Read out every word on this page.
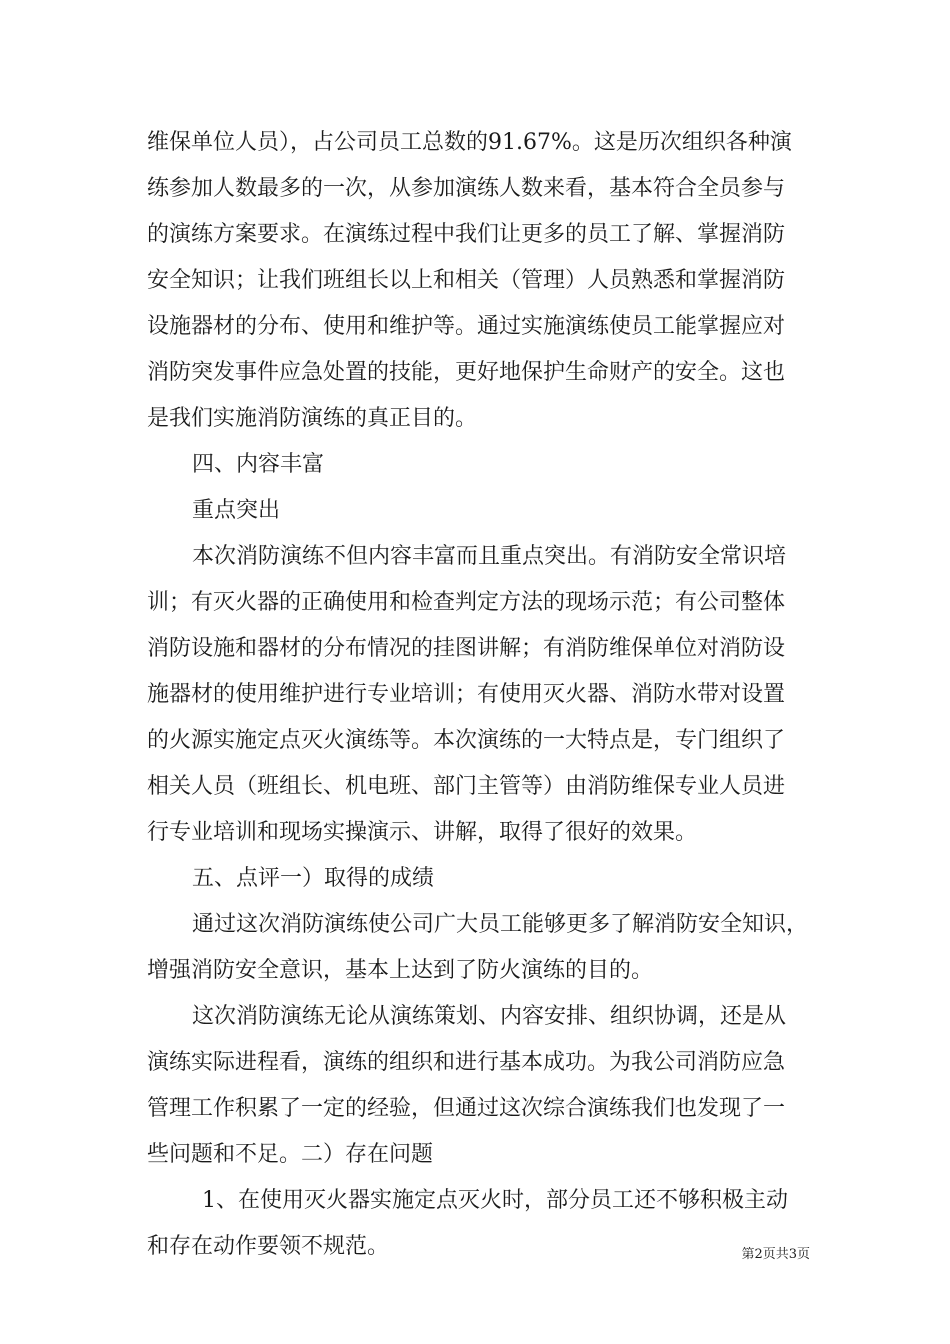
维保单位人员），占公司员工总数的91.67%。这是历次组织各种演
练参加人数最多的一次，从参加演练人数来看，基本符合全员参与
的演练方案要求。在演练过程中我们让更多的员工了解、掌握消防
安全知识；让我们班组长以上和相关（管理）人员熟悉和掌握消防
设施器材的分布、使用和维护等。通过实施演练使员工能掌握应对
消防突发事件应急处置的技能，更好地保护生命财产的安全。这也
是我们实施消防演练的真正目的。
四、内容丰富
重点突出
本次消防演练不但内容丰富而且重点突出。有消防安全常识培
训；有灭火器的正确使用和检查判定方法的现场示范；有公司整体
消防设施和器材的分布情况的挂图讲解；有消防维保单位对消防设
施器材的使用维护进行专业培训；有使用灭火器、消防水带对设置
的火源实施定点灭火演练等。本次演练的一大特点是，专门组织了
相关人员（班组长、机电班、部门主管等）由消防维保专业人员进
行专业培训和现场实操演示、讲解，取得了很好的效果。
五、点评一）取得的成绩
通过这次消防演练使公司广大员工能够更多了解消防安全知识，
增强消防安全意识，基本上达到了防火演练的目的。
这次消防演练无论从演练策划、内容安排、组织协调，还是从
演练实际进程看，演练的组织和进行基本成功。为我公司消防应急
管理工作积累了一定的经验，但通过这次综合演练我们也发现了一
些问题和不足。二）存在问题
1、在使用灭火器实施定点灭火时，部分员工还不够积极主动
和存在动作要领不规范。	第2页共3页
